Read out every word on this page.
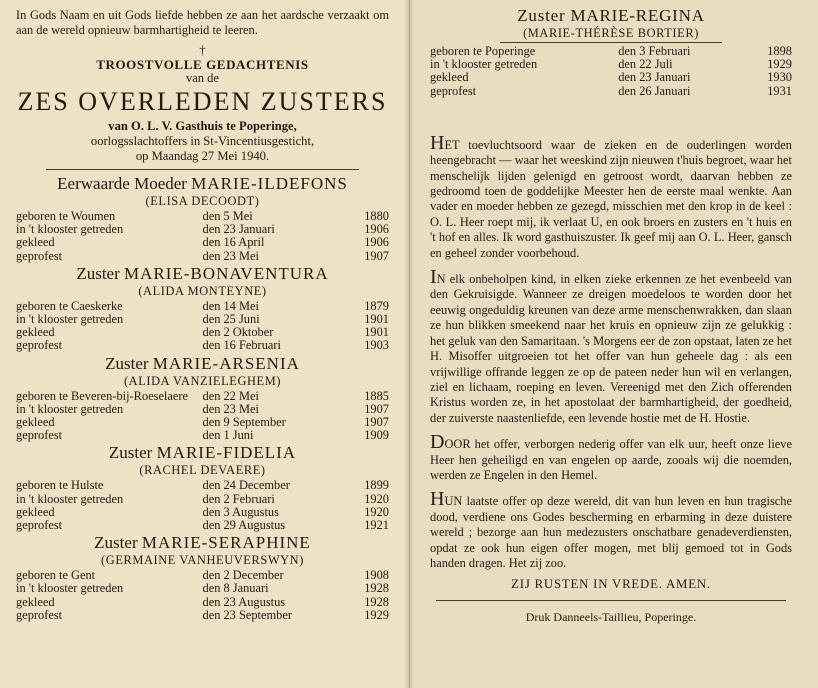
In Gods Naam en uit Gods liefde hebben ze aan het aardsche verzaakt om aan de wereld opnieuw barmhartigheid te leeren.
†
TROOSTVOLLE GEDACHTENIS
van de
ZES OVERLEDEN ZUSTERS
van O. L. V. Gasthuis te Poperinge,
oorlogsslachtoffers in St-Vincentiusgesticht,
op Maandag 27 Mei 1940.
Eerwaarde Moeder MARIE-ILDEFONS
(ELISA DECOODT)
geboren te Woumen	den 5 Mei	1880
in 't klooster getreden	den 23 Januari	1906
gekleed	den 16 April	1906
geprofest	den 23 Mei	1907
Zuster MARIE-BONAVENTURA
(ALIDA MONTEYNE)
geboren te Caeskerke	den 14 Mei	1879
in 't klooster getreden	den 25 Juni	1901
gekleed	den 2 Oktober	1901
geprofest	den 16 Februari	1903
Zuster MARIE-ARSENIA
(ALIDA VANZIELEGHEM)
geboren te Beveren-bij-Roeselaere	den 22 Mei	1885
in 't klooster getreden	den 23 Mei	1907
gekleed	den 9 September	1907
geprofest	den 1 Juni	1909
Zuster MARIE-FIDELIA
(RACHEL DEVAERE)
geboren te Hulste	den 24 December	1899
in 't klooster getreden	den 2 Februari	1920
gekleed	den 3 Augustus	1920
geprofest	den 29 Augustus	1921
Zuster MARIE-SERAPHINE
(GERMAINE VANHEUVERSWYN)
geboren te Gent	den 2 December	1908
in 't klooster getreden	den 8 Januari	1928
gekleed	den 23 Augustus	1928
geprofest	den 23 September	1929
Zuster MARIE-REGINA
(MARIE-THÉRÈSE BORTIER)
geboren te Poperinge	den 3 Februari	1898
in 't klooster getreden	den 22 Juli	1929
gekleed	den 23 Januari	1930
geprofest	den 26 Januari	1931

HET toevluchtsoord waar de zieken en de ouderlingen worden heengebracht — waar het weeskind zijn nieuwen t'huis begroet, waar het menschelijk lijden gelenigd en getroost wordt, daarvan hebben ze gedroomd toen de goddelijke Meester hen de eerste maal wenkte. Aan vader en moeder hebben ze gezegd, misschien met den krop in de keel : O. L. Heer roept mij, ik verlaat U, en ook broers en zusters en 't huis en 't hof en alles. Ik word gasthuiszuster. Ik geef mij aan O. L. Heer, gansch en geheel zonder voorbehoud.

IN elk onbeholpen kind, in elken zieke erkennen ze het evenbeeld van den Gekruisigde. Wanneer ze dreigen moedeloos te worden door het eeuwig ongeduldig kreunen van deze arme menschenwrakken, dan slaan ze hun blikken smeekend naar het kruis en opnieuw zijn ze gelukkig : het geluk van den Samaritaan. 's Morgens eer de zon opstaat, laten ze het H. Misoffer uitgroeien tot het offer van hun geheele dag : als een vrijwillige offrande leggen ze op de pateen neder hun wil en verlangen, ziel en lichaam, roeping en leven. Vereenigd met den Zich offerenden Kristus worden ze, in het apostolaat der barmhartigheid, der goedheid, der zuiverste naastenliefde, een levende hostie met de H. Hostie.

DOOR het offer, verborgen nederig offer van elk uur, heeft onze lieve Heer hen geheiligd en van engelen op aarde, zooals wij die noemden, werden ze Engelen in den Hemel.

HUN laatste offer op deze wereld, dit van hun leven en hun tragische dood, verdiene ons Godes bescherming en erbarming in deze duistere wereld ; bezorge aan hun medezusters onschatbare genadeverdiensten, opdat ze ook hun eigen offer mogen, met blij gemoed tot in Gods handen dragen. Het zij zoo.

ZIJ RUSTEN IN VREDE. AMEN.
Druk Danneels-Taillieu, Poperinge.
